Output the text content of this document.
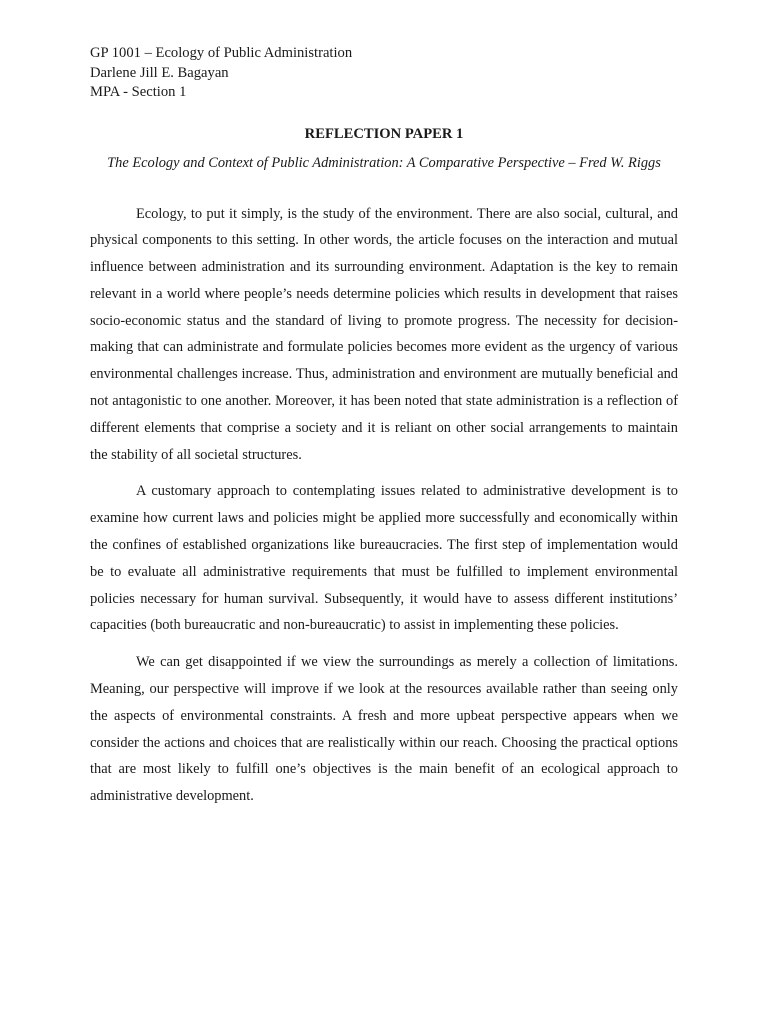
GP 1001 – Ecology of Public Administration

Darlene Jill E. Bagayan

MPA - Section 1

REFLECTION PAPER 1

The Ecology and Context of Public Administration: A Comparative Perspective – Fred W. Riggs

Ecology, to put it simply, is the study of the environment. There are also social, cultural, and physical components to this setting. In other words, the article focuses on the interaction and mutual influence between administration and its surrounding environment. Adaptation is the key to remain relevant in a world where people’s needs determine policies which results in development that raises socio-economic status and the standard of living to promote progress. The necessity for decision-making that can administrate and formulate policies becomes more evident as the urgency of various environmental challenges increase. Thus, administration and environment are mutually beneficial and not antagonistic to one another. Moreover, it has been noted that state administration is a reflection of different elements that comprise a society and it is reliant on other social arrangements to maintain the stability of all societal structures.

A customary approach to contemplating issues related to administrative development is to examine how current laws and policies might be applied more successfully and economically within the confines of established organizations like bureaucracies. The first step of implementation would be to evaluate all administrative requirements that must be fulfilled to implement environmental policies necessary for human survival. Subsequently, it would have to assess different institutions’ capacities (both bureaucratic and non-bureaucratic) to assist in implementing these policies.

We can get disappointed if we view the surroundings as merely a collection of limitations. Meaning, our perspective will improve if we look at the resources available rather than seeing only the aspects of environmental constraints. A fresh and more upbeat perspective appears when we consider the actions and choices that are realistically within our reach. Choosing the practical options that are most likely to fulfill one’s objectives is the main benefit of an ecological approach to administrative development.
